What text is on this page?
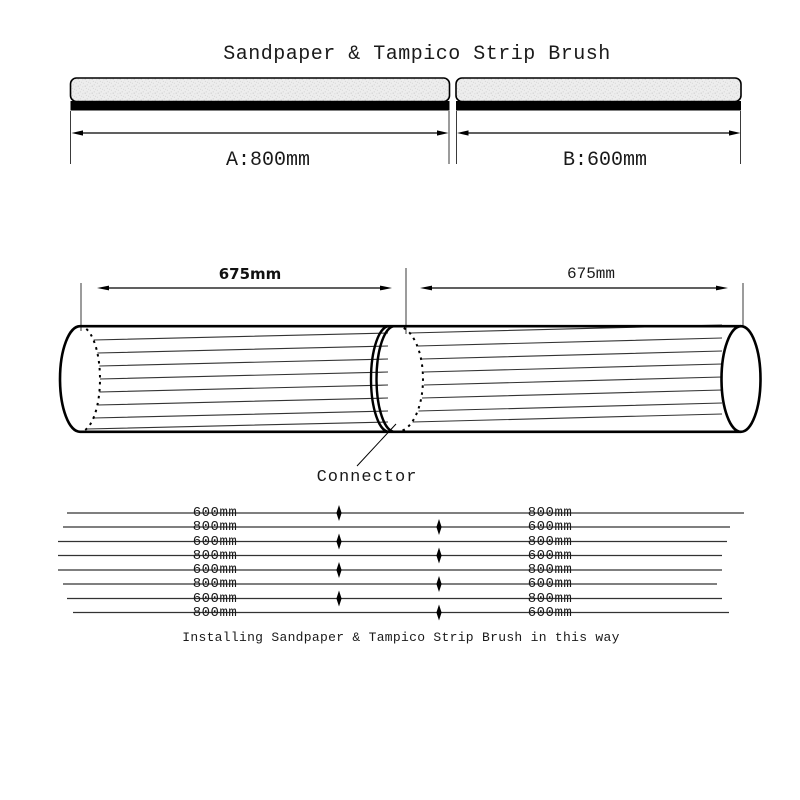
Sandpaper & Tampico Strip Brush
A:800mm	B:600mm
675mm	675mm
Connector
600mm
800mm
600mm
800mm
600mm
800mm
600mm
800mm
800mm
600mm
800mm
600mm
800mm
600mm
800mm
600mm
Installing Sandpaper & Tampico Strip Brush in this way
